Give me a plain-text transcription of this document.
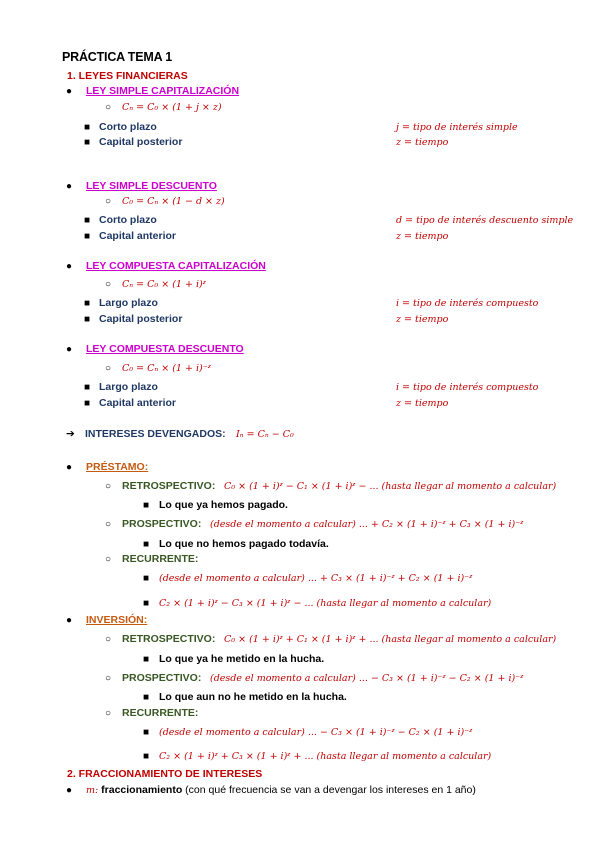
PRÁCTICA TEMA 1
1. LEYES FINANCIERAS
● LEY SIMPLE CAPITALIZACIÓN
○ Cₙ = C₀ × (1 + j × z)
■ Corto plazo	j = tipo de interés simple
■ Capital posterior	z = tiempo
● LEY SIMPLE DESCUENTO
○ C₀ = Cₙ × (1 − d × z)
■ Corto plazo	d = tipo de interés descuento simple
■ Capital anterior	z = tiempo
● LEY COMPUESTA CAPITALIZACIÓN
○ Cₙ = C₀ × (1 + i)ᶻ
■ Largo plazo	i = tipo de interés compuesto
■ Capital posterior	z = tiempo
● LEY COMPUESTA DESCUENTO
○ C₀ = Cₙ × (1 + i)⁻ᶻ
■ Largo plazo	i = tipo de interés compuesto
■ Capital anterior	z = tiempo
➔ INTERESES DEVENGADOS: Iₙ = Cₙ − C₀
● PRÉSTAMO:
○ RETROSPECTIVO: C₀ × (1 + i)ᶻ − C₁ × (1 + i)ᶻ − ... (hasta llegar al momento a calcular)
■ Lo que ya hemos pagado.
○ PROSPECTIVO: (desde el momento a calcular) ... + C₂ × (1 + i)⁻ᶻ + C₃ × (1 + i)⁻ᶻ
■ Lo que no hemos pagado todavía.
○ RECURRENTE:
■ (desde el momento a calcular) ... + C₃ × (1 + i)⁻ᶻ + C₂ × (1 + i)⁻ᶻ
■ C₂ × (1 + i)ᶻ − C₃ × (1 + i)ᶻ − ... (hasta llegar al momento a calcular)
● INVERSIÓN:
○ RETROSPECTIVO: C₀ × (1 + i)ᶻ + C₁ × (1 + i)ᶻ + ... (hasta llegar al momento a calcular)
■ Lo que ya he metido en la hucha.
○ PROSPECTIVO: (desde el momento a calcular) ... − C₃ × (1 + i)⁻ᶻ − C₂ × (1 + i)⁻ᶻ
■ Lo que aun no he metido en la hucha.
○ RECURRENTE:
■ (desde el momento a calcular) ... − C₃ × (1 + i)⁻ᶻ − C₂ × (1 + i)⁻ᶻ
■ C₂ × (1 + i)ᶻ + C₃ × (1 + i)ᶻ + ... (hasta llegar al momento a calcular)
2. FRACCIONAMIENTO DE INTERESES
● m: fraccionamiento (con qué frecuencia se van a devengar los intereses en 1 año)
